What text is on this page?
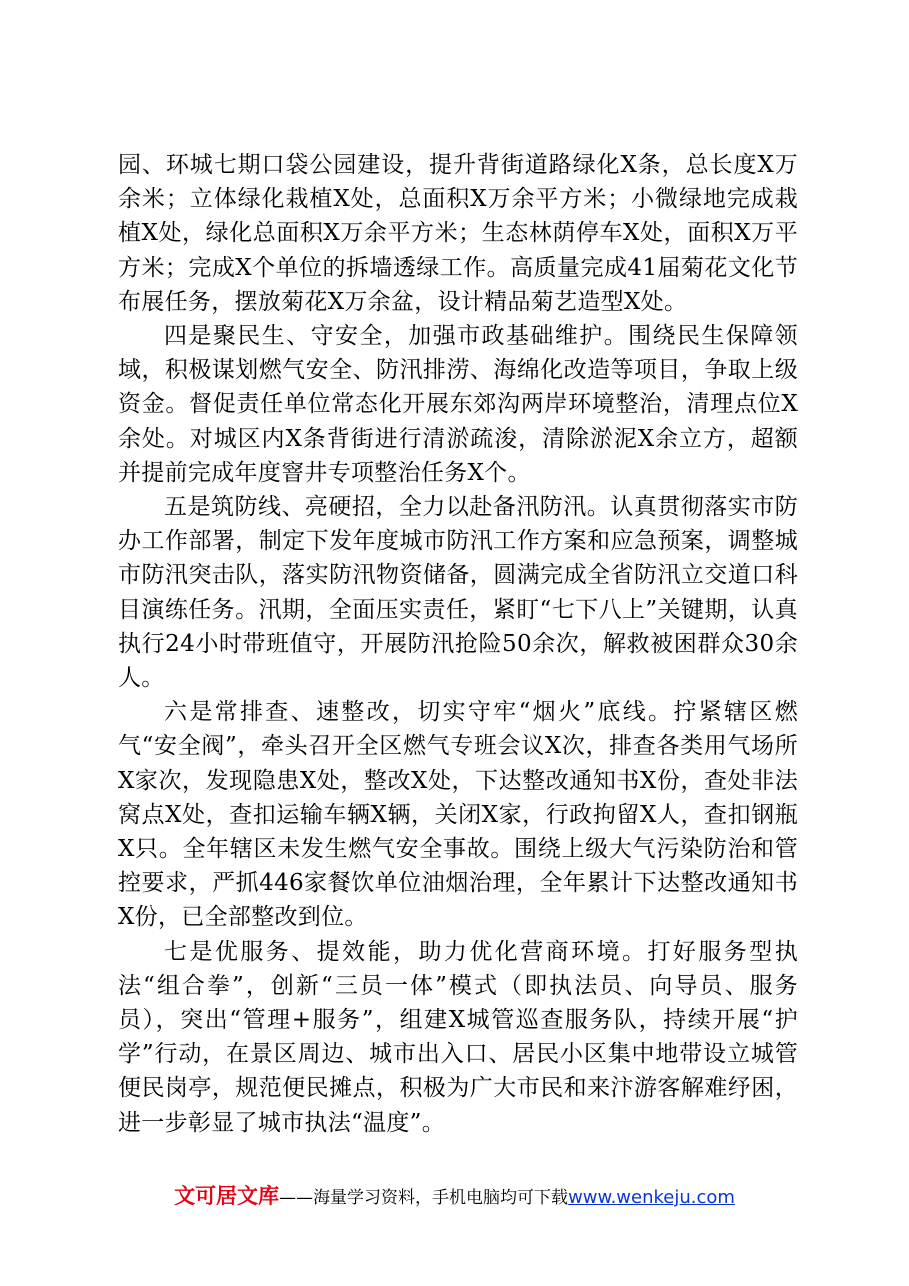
园、环城七期口袋公园建设，提升背街道路绿化X条，总长度X万余米；立体绿化栽植X处，总面积X万余平方米；小微绿地完成栽植X处，绿化总面积X万余平方米；生态林荫停车X处，面积X万平方米；完成X个单位的拆墙透绿工作。高质量完成41届菊花文化节布展任务，摆放菊花X万余盆，设计精品菊艺造型X处。

四是聚民生、守安全，加强市政基础维护。围绕民生保障领域，积极谋划燃气安全、防汛排涝、海绵化改造等项目，争取上级资金。督促责任单位常态化开展东郊沟两岸环境整治，清理点位X余处。对城区内X条背街进行清淤疏浚，清除淤泥X余立方，超额并提前完成年度窨井专项整治任务X个。

五是筑防线、亮硬招，全力以赴备汛防汛。认真贯彻落实市防办工作部署，制定下发年度城市防汛工作方案和应急预案，调整城市防汛突击队，落实防汛物资储备，圆满完成全省防汛立交道口科目演练任务。汛期，全面压实责任，紧盯“七下八上”关键期，认真执行24小时带班值守，开展防汛抢险50余次，解救被困群众30余人。

六是常排查、速整改，切实守牢“烟火”底线。拧紧辖区燃气“安全阀”，牵头召开全区燃气专班会议X次，排查各类用气场所X家次，发现隐患X处，整改X处，下达整改通知书X份，查处非法窝点X处，查扣运输车辆X辆，关闭X家，行政拘留X人，查扣钢瓶X只。全年辖区未发生燃气安全事故。围绕上级大气污染防治和管控要求，严抓446家餐饮单位油烟治理，全年累计下达整改通知书X份，已全部整改到位。

七是优服务、提效能，助力优化营商环境。打好服务型执法“组合拳”，创新“三员一体”模式（即执法员、向导员、服务员），突出“管理+服务”，组建X城管巡查服务队，持续开展“护学”行动，在景区周边、城市出入口、居民小区集中地带设立城管便民岗亭，规范便民摊点，积极为广大市民和来汴游客解难纾困，进一步彰显了城市执法“温度”。

文可居文库——海量学习资料，手机电脑均可下载www.wenkeju.com
